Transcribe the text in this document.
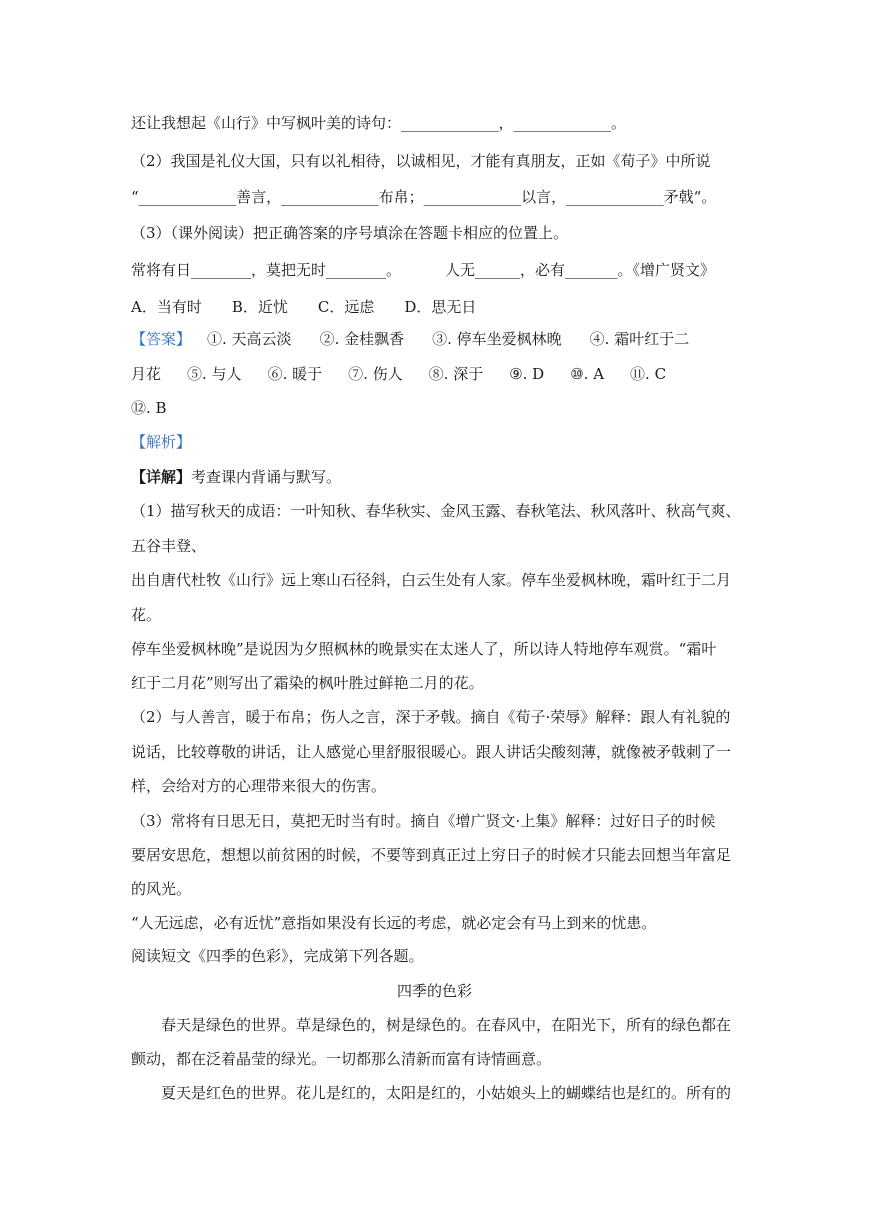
还让我想起《山行》中写枫叶美的诗句：_____________，_____________。
（2）我国是礼仪大国，只有以礼相待，以诚相见，才能有真朋友，正如《荀子》中所说
“_____________善言，_____________布帛；_____________以言，_____________矛戟“。
（3）（课外阅读）把正确答案的序号填涂在答题卡相应的位置上。
常将有日________，莫把无时________。	人无______，必有_______。《增广贤文》
A．当有时 B．近忧 C．远虑 D．思无日
【答案】 ①. 天高云淡 ②. 金桂飘香 ③. 停车坐爱枫林晚 ④. 霜叶红于二
月花 ⑤. 与人 ⑥. 暖于 ⑦. 伤人 ⑧. 深于 ⑨. D ⑩. A ⑪. C
⑫. B
【解析】
【详解】考查课内背诵与默写。
（1）描写秋天的成语：一叶知秋、春华秋实、金风玉露、春秋笔法、秋风落叶、秋高气爽、
五谷丰登、
出自唐代杜牧《山行》远上寒山石径斜，白云生处有人家。停车坐爱枫林晚，霜叶红于二月
花。
停车坐爱枫林晚”是说因为夕照枫林的晚景实在太迷人了，所以诗人特地停车观赏。“霜叶
红于二月花”则写出了霜染的枫叶胜过鲜艳二月的花。
（2）与人善言，暖于布帛；伤人之言，深于矛戟。摘自《荀子·荣辱》解释：跟人有礼貌的
说话，比较尊敬的讲话，让人感觉心里舒服很暖心。跟人讲话尖酸刻薄，就像被矛戟刺了一
样，会给对方的心理带来很大的伤害。
（3）常将有日思无日，莫把无时当有时。摘自《增广贤文·上集》解释：过好日子的时候
要居安思危，想想以前贫困的时候，不要等到真正过上穷日子的时候才只能去回想当年富足
的风光。
“人无远虑，必有近忧”意指如果没有长远的考虑，就必定会有马上到来的忧患。
阅读短文《四季的色彩》，完成第下列各题。
四季的色彩
春天是绿色的世界。草是绿色的，树是绿色的。在春风中，在阳光下，所有的绿色都在
颤动，都在泛着晶莹的绿光。一切都那么清新而富有诗情画意。
夏天是红色的世界。花儿是红的，太阳是红的，小姑娘头上的蝴蝶结也是红的。所有的
